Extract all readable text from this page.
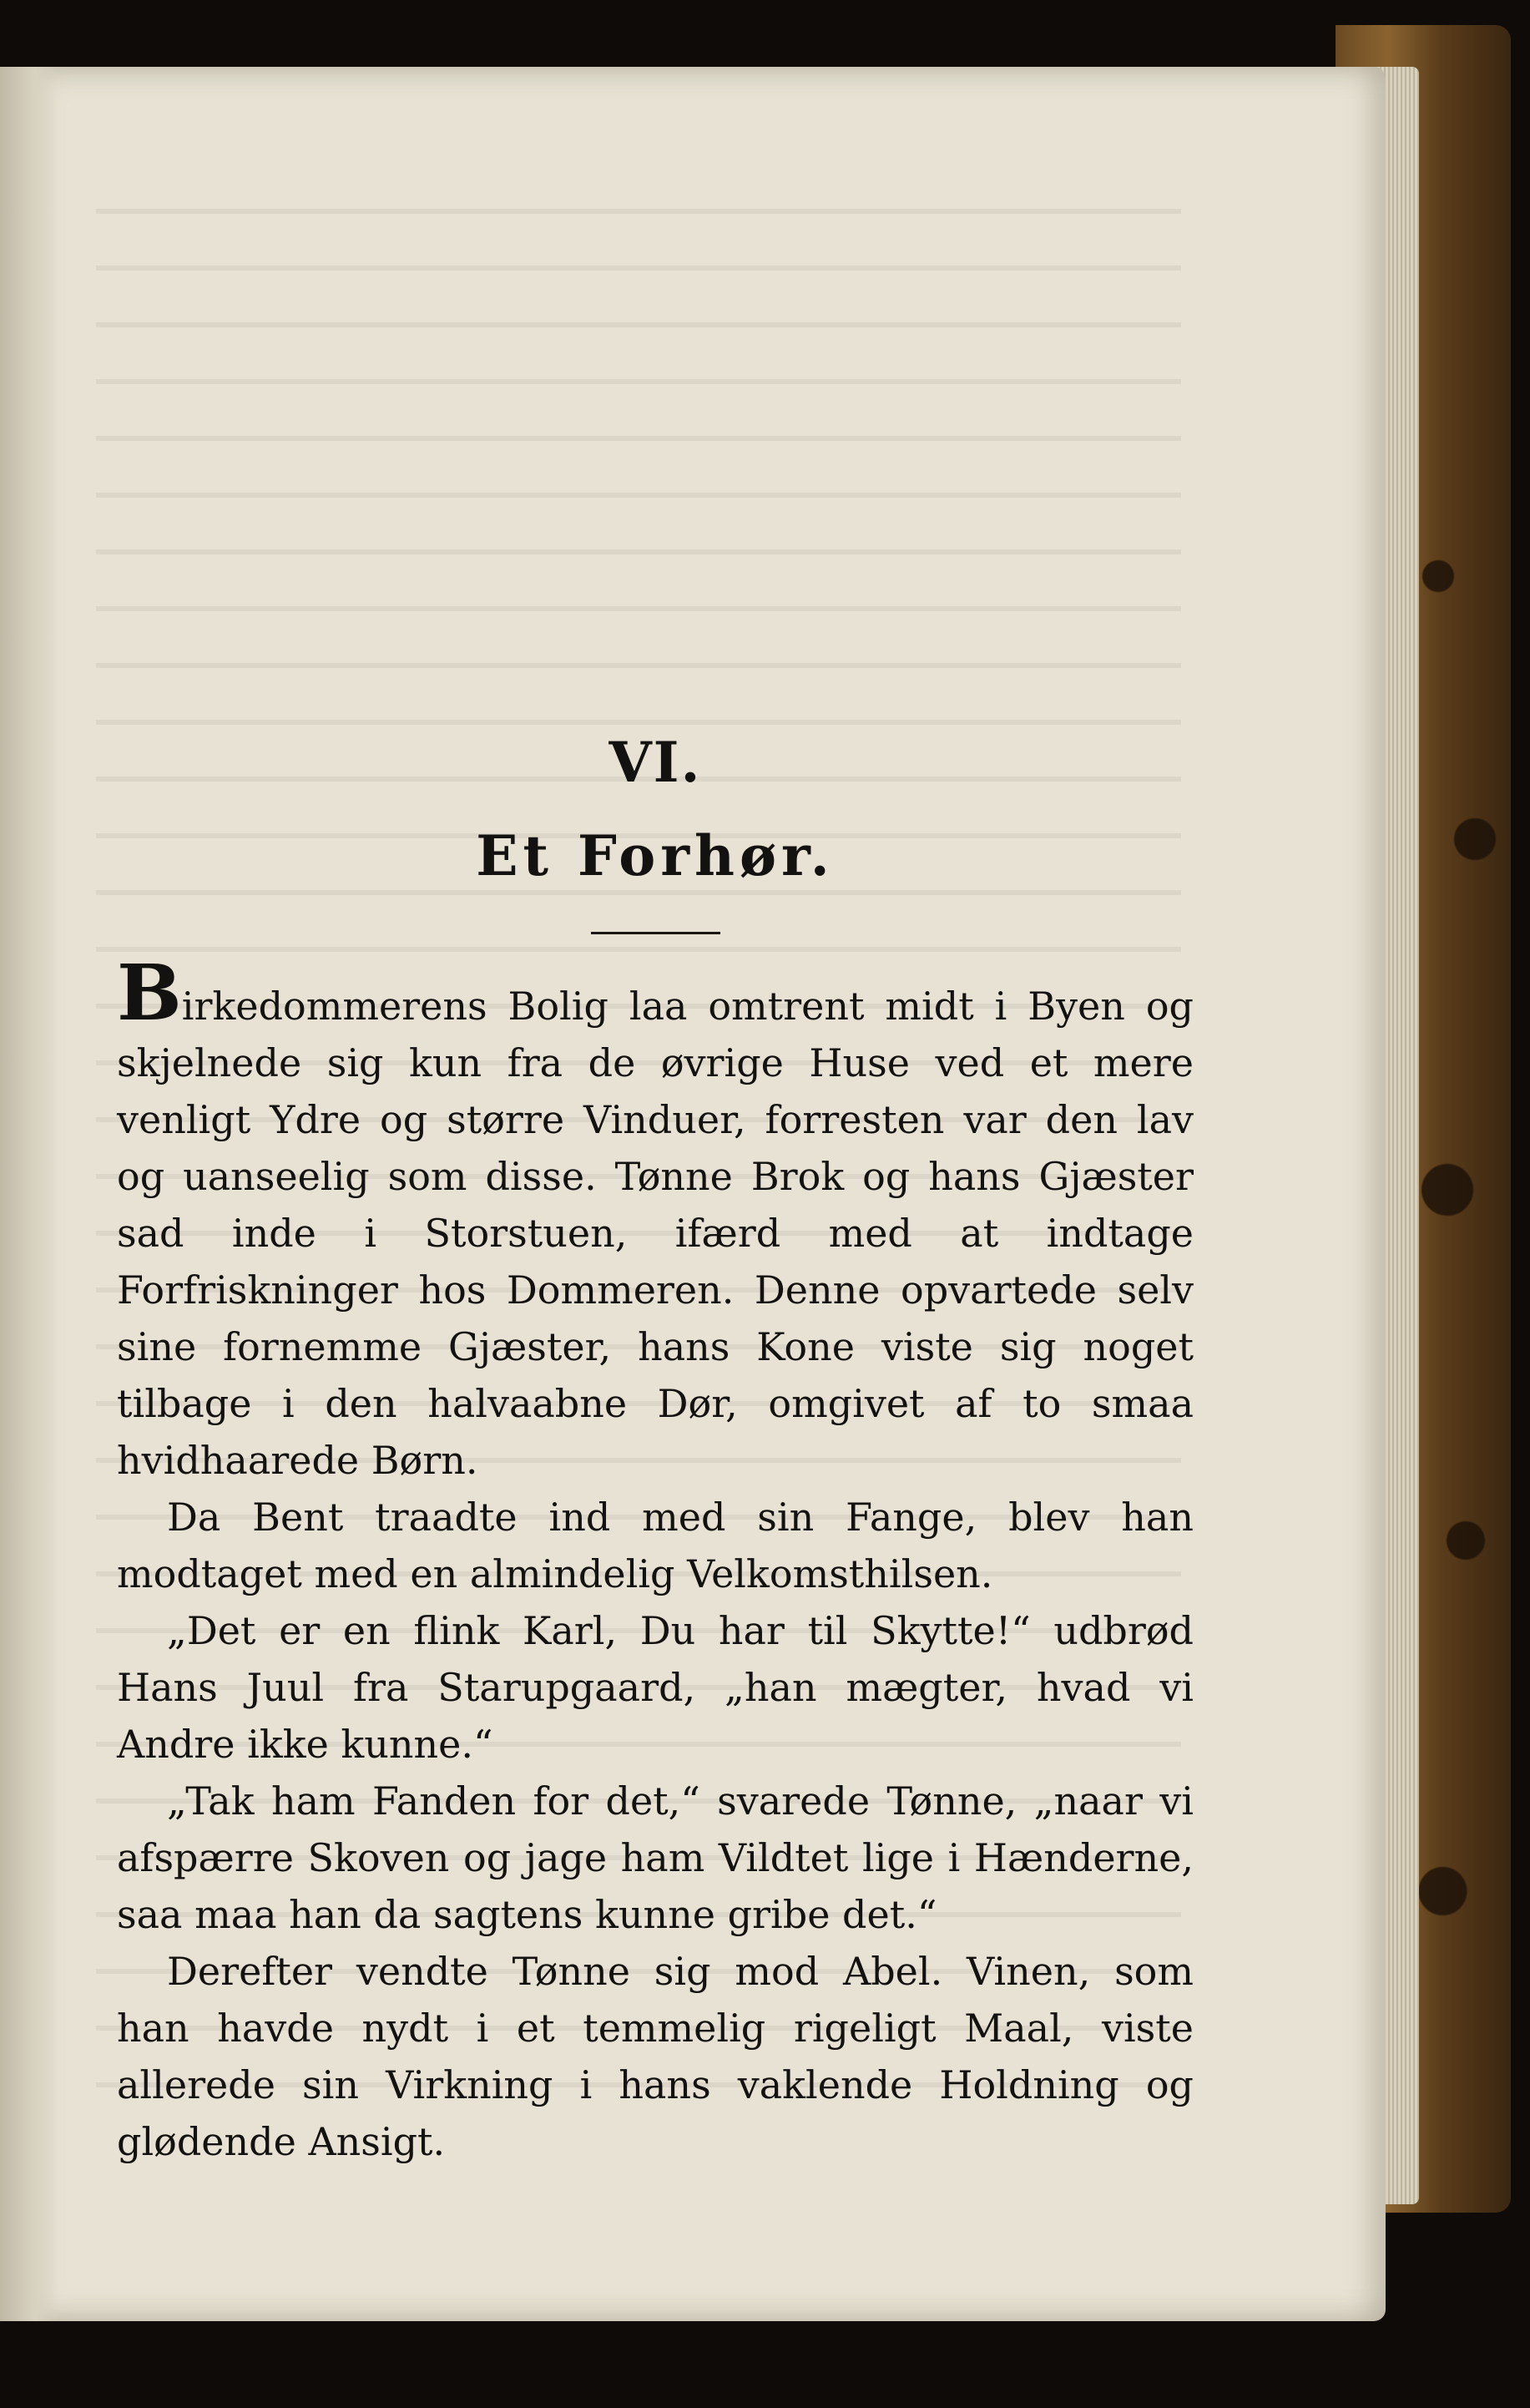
VI.
Et Forhør.

Birkedommerens Bolig laa omtrent midt i Byen og skjelnede sig kun fra de øvrige Huse ved et mere venligt Ydre og større Vinduer, forresten var den lav og uanseelig som disse. Tønne Brok og hans Gjæster sad inde i Storstuen, ifærd med at indtage Forfriskninger hos Dommeren. Denne opvartede selv sine fornemme Gjæster, hans Kone viste sig noget tilbage i den halvaabne Dør, omgivet af to smaa hvidhaarede Børn.

Da Bent traadte ind med sin Fange, blev han modtaget med en almindelig Velkomsthilsen.

„Det er en flink Karl, Du har til Skytte!“ udbrød Hans Juul fra Starupgaard, „han mægter, hvad vi Andre ikke kunne.“

„Tak ham Fanden for det,“ svarede Tønne, „naar vi afspærre Skoven og jage ham Vildtet lige i Hænderne, saa maa han da sagtens kunne gribe det.“

Derefter vendte Tønne sig mod Abel. Vinen, som han havde nydt i et temmelig rigeligt Maal, viste allerede sin Virkning i hans vaklende Holdning og glødende Ansigt.
